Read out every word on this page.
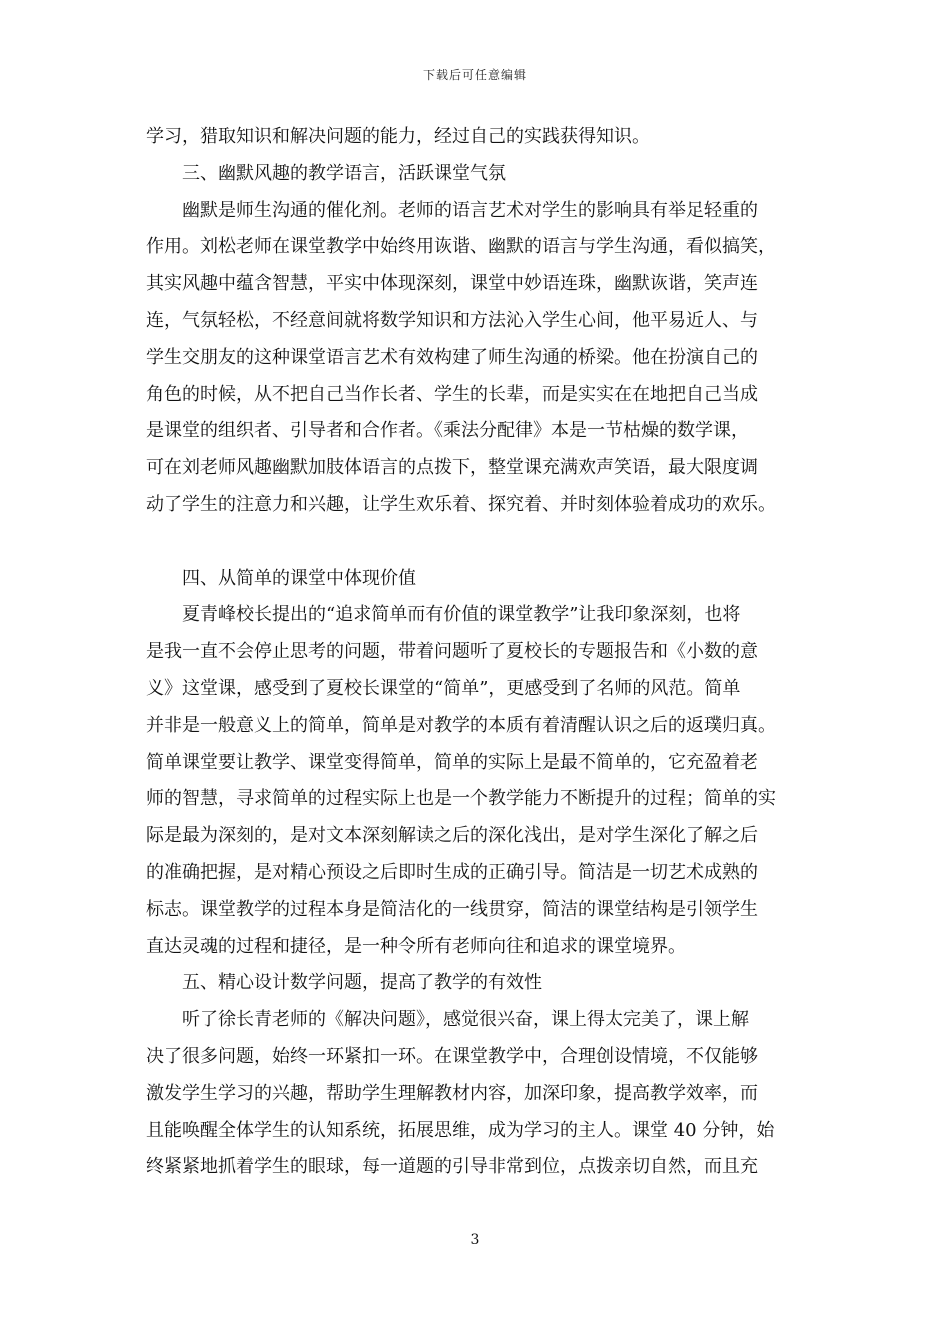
下载后可任意编辑
学习，猎取知识和解决问题的能力，经过自己的实践获得知识。
三、幽默风趣的教学语言，活跃课堂气氛
幽默是师生沟通的催化剂。老师的语言艺术对学生的影响具有举足轻重的
作用。刘松老师在课堂教学中始终用诙谐、幽默的语言与学生沟通，看似搞笑，
其实风趣中蕴含智慧，平实中体现深刻，课堂中妙语连珠，幽默诙谐，笑声连
连，气氛轻松，不经意间就将数学知识和方法沁入学生心间，他平易近人、与
学生交朋友的这种课堂语言艺术有效构建了师生沟通的桥梁。他在扮演自己的
角色的时候，从不把自己当作长者、学生的长辈，而是实实在在地把自己当成
是课堂的组织者、引导者和合作者。《乘法分配律》本是一节枯燥的数学课，
可在刘老师风趣幽默加肢体语言的点拨下，整堂课充满欢声笑语，最大限度调
动了学生的注意力和兴趣，让学生欢乐着、探究着、并时刻体验着成功的欢乐。
四、从简单的课堂中体现价值
夏青峰校长提出的“追求简单而有价值的课堂教学”让我印象深刻，也将
是我一直不会停止思考的问题，带着问题听了夏校长的专题报告和《小数的意
义》这堂课，感受到了夏校长课堂的“简单”，更感受到了名师的风范。简单
并非是一般意义上的简单，简单是对教学的本质有着清醒认识之后的返璞归真。
简单课堂要让教学、课堂变得简单，简单的实际上是最不简单的，它充盈着老
师的智慧，寻求简单的过程实际上也是一个教学能力不断提升的过程；简单的实
际是最为深刻的，是对文本深刻解读之后的深化浅出，是对学生深化了解之后
的准确把握，是对精心预设之后即时生成的正确引导。简洁是一切艺术成熟的
标志。课堂教学的过程本身是简洁化的一线贯穿，简洁的课堂结构是引领学生
直达灵魂的过程和捷径，是一种令所有老师向往和追求的课堂境界。
五、精心设计数学问题，提高了教学的有效性
听了徐长青老师的《解决问题》，感觉很兴奋，课上得太完美了，课上解
决了很多问题，始终一环紧扣一环。在课堂教学中，合理创设情境，不仅能够
激发学生学习的兴趣，帮助学生理解教材内容，加深印象，提高教学效率，而
且能唤醒全体学生的认知系统，拓展思维，成为学习的主人。课堂 40 分钟，始
终紧紧地抓着学生的眼球，每一道题的引导非常到位，点拨亲切自然，而且充
3
